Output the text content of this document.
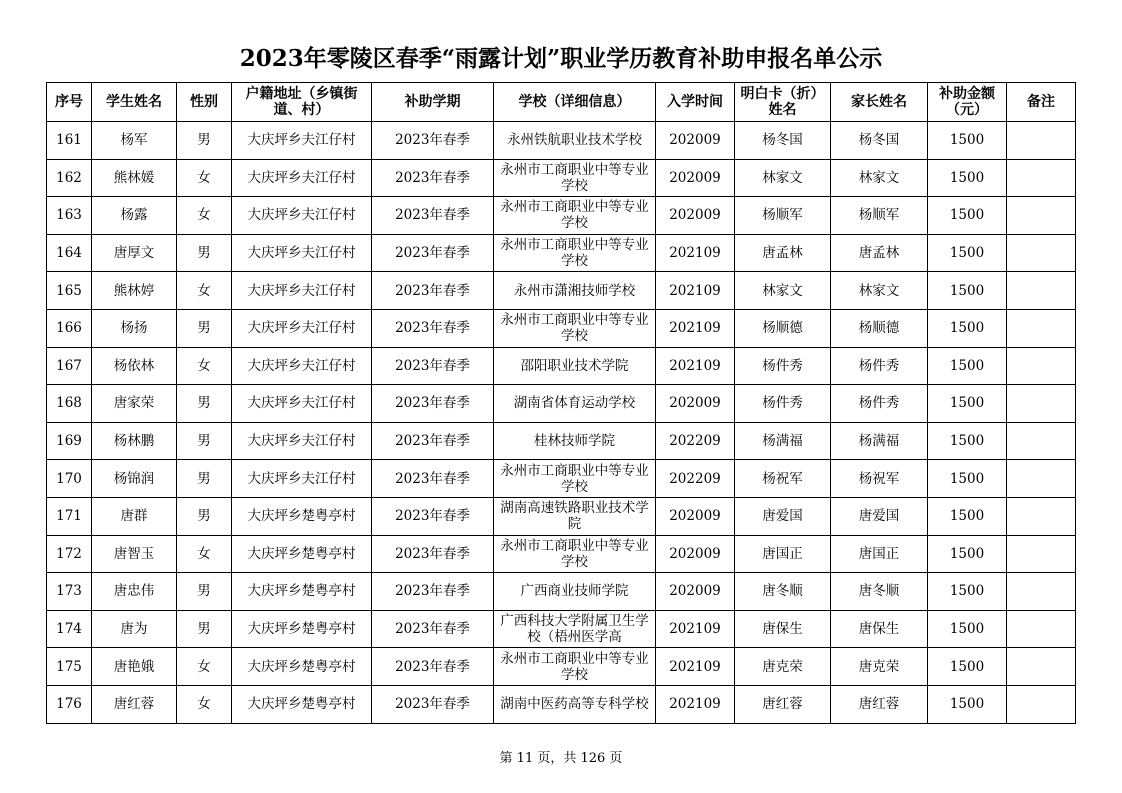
2023年零陵区春季“雨露计划”职业学历教育补助申报名单公示
序号	学生姓名	性别	户籍地址（乡镇街道、村）	补助学期	学校（详细信息）	入学时间	明白卡（折）姓名	家长姓名	补助金额（元）	备注
161	杨军	男	大庆坪乡夫江仔村	2023年春季	永州铁航职业技术学校	202009	杨冬国	杨冬国	1500	
162	熊林媛	女	大庆坪乡夫江仔村	2023年春季	永州市工商职业中等专业学校	202009	林家文	林家文	1500	
163	杨露	女	大庆坪乡夫江仔村	2023年春季	永州市工商职业中等专业学校	202009	杨顺军	杨顺军	1500	
164	唐厚文	男	大庆坪乡夫江仔村	2023年春季	永州市工商职业中等专业学校	202109	唐孟林	唐孟林	1500	
165	熊林婷	女	大庆坪乡夫江仔村	2023年春季	永州市潇湘技师学校	202109	林家文	林家文	1500	
166	杨扬	男	大庆坪乡夫江仔村	2023年春季	永州市工商职业中等专业学校	202109	杨顺德	杨顺德	1500	
167	杨依林	女	大庆坪乡夫江仔村	2023年春季	邵阳职业技术学院	202109	杨件秀	杨件秀	1500	
168	唐家荣	男	大庆坪乡夫江仔村	2023年春季	湖南省体育运动学校	202009	杨件秀	杨件秀	1500	
169	杨林鹏	男	大庆坪乡夫江仔村	2023年春季	桂林技师学院	202209	杨满福	杨满福	1500	
170	杨锦润	男	大庆坪乡夫江仔村	2023年春季	永州市工商职业中等专业学校	202209	杨祝军	杨祝军	1500	
171	唐群	男	大庆坪乡楚粤亭村	2023年春季	湖南高速铁路职业技术学院	202009	唐爱国	唐爱国	1500	
172	唐智玉	女	大庆坪乡楚粤亭村	2023年春季	永州市工商职业中等专业学校	202009	唐国正	唐国正	1500	
173	唐忠伟	男	大庆坪乡楚粤亭村	2023年春季	广西商业技师学院	202009	唐冬顺	唐冬顺	1500	
174	唐为	男	大庆坪乡楚粤亭村	2023年春季	广西科技大学附属卫生学校（梧州医学高	202109	唐保生	唐保生	1500	
175	唐艳娥	女	大庆坪乡楚粤亭村	2023年春季	永州市工商职业中等专业学校	202109	唐克荣	唐克荣	1500	
176	唐红蓉	女	大庆坪乡楚粤亭村	2023年春季	湖南中医药高等专科学校	202109	唐红蓉	唐红蓉	1500	
第 11 页，共 126 页
